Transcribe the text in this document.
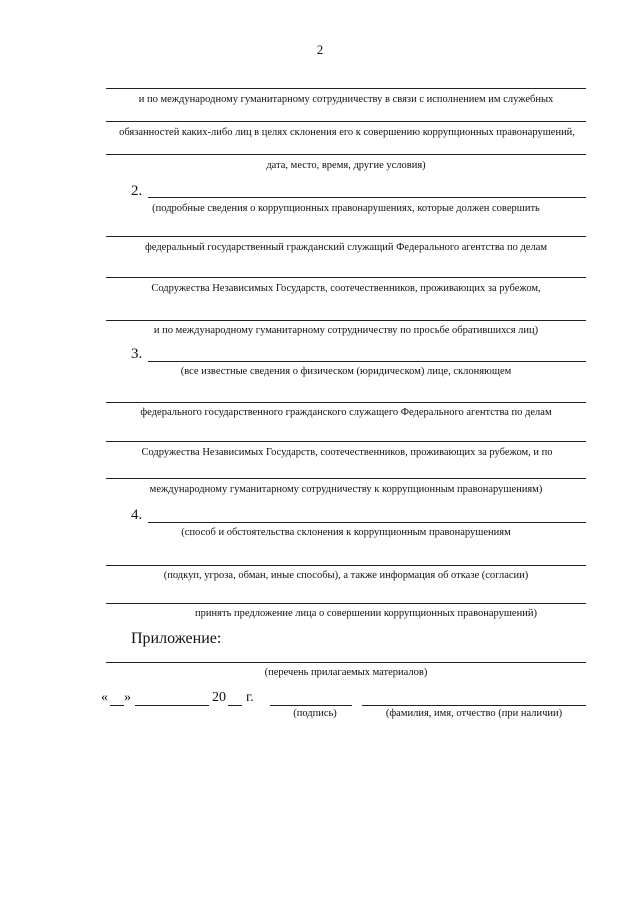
2
и по международному гуманитарному сотрудничеству в связи с исполнением им служебных
обязанностей каких-либо лиц в целях склонения его к совершению коррупционных правонарушений,
дата, место, время, другие условия)
2.
(подробные сведения о коррупционных правонарушениях, которые должен совершить
федеральный государственный гражданский служащий Федерального агентства по делам
Содружества Независимых Государств, соотечественников, проживающих за рубежом,
и по международному гуманитарному сотрудничеству по просьбе обратившихся лиц)
3.
(все известные сведения о физическом (юридическом) лице, склоняющем
федерального государственного гражданского служащего Федерального агентства по делам
Содружества Независимых Государств, соотечественников, проживающих за рубежом, и по
международному гуманитарному сотрудничеству к коррупционным правонарушениям)
4.
(способ и обстоятельства склонения к коррупционным правонарушениям
(подкуп, угроза, обман, иные способы), а также информация об отказе (согласии)
принять предложение лица о совершении коррупционных правонарушений)
Приложение:
(перечень прилагаемых материалов)
« »	20 г.
(подпись)	(фамилия, имя, отчество (при наличии)
